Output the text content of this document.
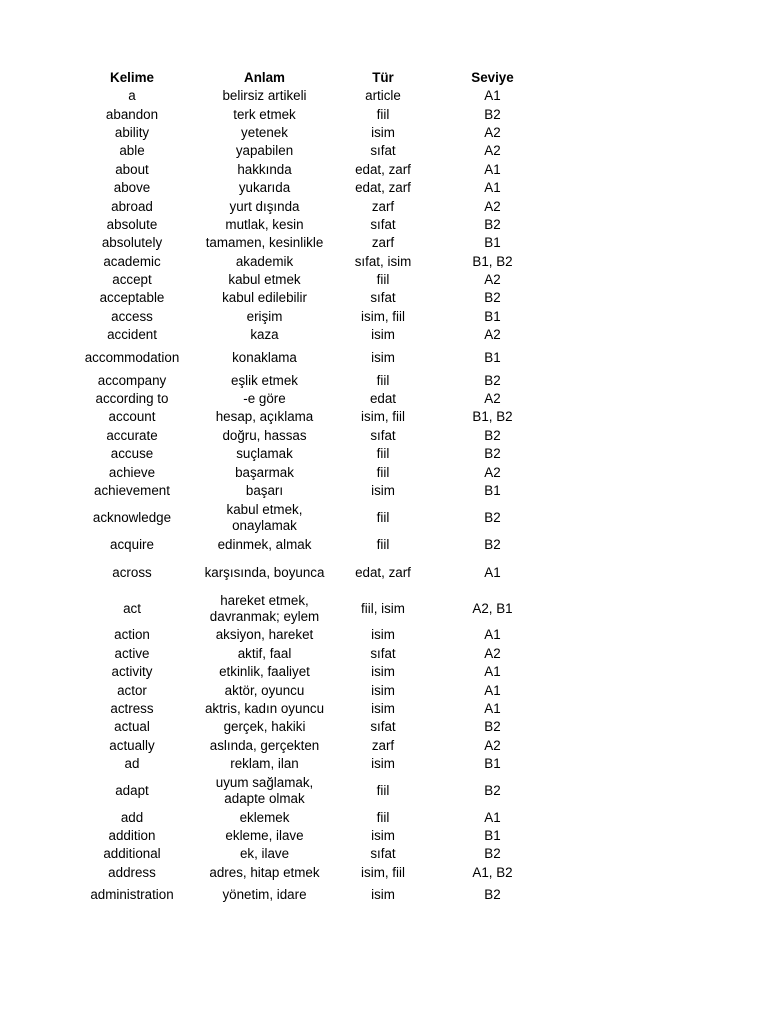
Kelime	Anlam	Tür	Seviye
a	belirsiz artikeli	article	A1
abandon	terk etmek	fiil	B2
ability	yetenek	isim	A2
able	yapabilen	sıfat	A2
about	hakkında	edat, zarf	A1
above	yukarıda	edat, zarf	A1
abroad	yurt dışında	zarf	A2
absolute	mutlak, kesin	sıfat	B2
absolutely	tamamen, kesinlikle	zarf	B1
academic	akademik	sıfat, isim	B1, B2
accept	kabul etmek	fiil	A2
acceptable	kabul edilebilir	sıfat	B2
access	erişim	isim, fiil	B1
accident	kaza	isim	A2
accommodation	konaklama	isim	B1
accompany	eşlik etmek	fiil	B2
according to	-e göre	edat	A2
account	hesap, açıklama	isim, fiil	B1, B2
accurate	doğru, hassas	sıfat	B2
accuse	suçlamak	fiil	B2
achieve	başarmak	fiil	A2
achievement	başarı	isim	B1
acknowledge	kabul etmek,
onaylamak	fiil	B2
acquire	edinmek, almak	fiil	B2
across	karşısında, boyunca	edat, zarf	A1
act	hareket etmek,
davranmak; eylem	fiil, isim	A2, B1
action	aksiyon, hareket	isim	A1
active	aktif, faal	sıfat	A2
activity	etkinlik, faaliyet	isim	A1
actor	aktör, oyuncu	isim	A1
actress	aktris, kadın oyuncu	isim	A1
actual	gerçek, hakiki	sıfat	B2
actually	aslında, gerçekten	zarf	A2
ad	reklam, ilan	isim	B1
adapt	uyum sağlamak,
adapte olmak	fiil	B2
add	eklemek	fiil	A1
addition	ekleme, ilave	isim	B1
additional	ek, ilave	sıfat	B2
address	adres, hitap etmek	isim, fiil	A1, B2
administration	yönetim, idare	isim	B2
